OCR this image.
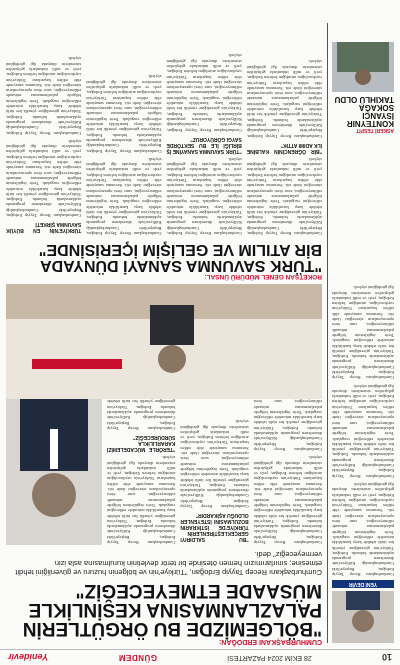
10
28 EKİM 2024 PAZARTESİ
GÜNDEM
Yenidevir
YENİ DEVİR

Cumhurbaşkanı Recep Tayyip Erdoğan, Beştepe'deki Cumhurbaşkanlığı Külliyesi'nde düzenlenen programda açıklamalarda bulundu. Erdoğan, Türkiye'nin güvenliğine yönelik her türlü tehdide karşı kararlılıkla mücadele edileceğini vurguladı. Terör örgütlerinin bölgede palazlanmasına müsaade edilmeyeceğini, sınır ötesi operasyonların süreceğini ifade etti. Savunma sanayinde elde edilen başarıların Türkiye'nin caydırıcılığını artırdığını belirten Erdoğan, yerli ve milli imkanlarla geliştirilen sistemlerin dünyada ilgi gördüğünü söyledi.

Cumhurbaşkanı Recep Tayyip Erdoğan, Beştepe'deki Cumhurbaşkanlığı Külliyesi'nde düzenlenen programda açıklamalarda bulundu. Erdoğan, Türkiye'nin güvenliğine yönelik her türlü tehdide karşı kararlılıkla mücadele edileceğini vurguladı. Terör örgütlerinin bölgede palazlanmasına müsaade edilmeyeceğini, sınır ötesi operasyonların süreceğini ifade etti. Savunma sanayinde elde edilen başarıların Türkiye'nin caydırıcılığını artırdığını belirten Erdoğan, yerli ve milli imkanlarla geliştirilen sistemlerin dünyada ilgi gördüğünü söyledi.

Cumhurbaşkanı Recep Tayyip Erdoğan, Beştepe'deki Cumhurbaşkanlığı Külliyesi'nde düzenlenen programda açıklamalarda bulundu. Erdoğan, Türkiye'nin güvenliğine yönelik her türlü tehdide karşı kararlılıkla mücadele edileceğini vurguladı. Terör örgütlerinin bölgede palazlanmasına müsaade edilmeyeceğini, sınır ötesi operasyonların süreceğini ifade etti. Savunma sanayinde elde edilen başarıların Türkiye'nin caydırıcılığını artırdığını belirten Erdoğan, yerli ve milli imkanlarla geliştirilen sistemlerin dünyada ilgi gördüğünü söyledi.

ASKERİ TESPİT
KONTEYNIR İSYANCI SOKAĞA TAKIHLÜ OLDU
CUMHURBAŞKANI ERDOĞAN:
"BÖLGEMİZDE BU ÖRGÜTLERİN
PALAZLANMASINA KESİNLİKLE
MÜSAADE ETMEYECEĞİZ"
Cumhurbaşkanı Recep Tayyip Erdoğan, "Türkiye'nin ve bölgenin huzuru ve güvenliğini tehdit etmesine; sınırlarımızın hemen ötesinde bir terör devletinin kurulmasına asla izin vermeyeceğiz" dedi.

Cumhurbaşkanı Recep Tayyip Erdoğan, Beştepe'deki Cumhurbaşkanlığı Külliyesi'nde düzenlenen programda açıklamalarda bulundu. Erdoğan, Türkiye'nin güvenliğine yönelik her türlü tehdide karşı kararlılıkla mücadele edileceğini vurguladı. Terör örgütlerinin bölgede palazlanmasına müsaade edilmeyeceğini, sınır ötesi operasyonların süreceğini ifade etti. Savunma sanayinde elde edilen başarıların Türkiye'nin caydırıcılığını artırdığını belirten Erdoğan, yerli ve milli imkanlarla geliştirilen sistemlerin dünyada ilgi gördüğünü söyledi.

Cumhurbaşkanı Recep Tayyip Erdoğan, Beştepe'deki Cumhurbaşkanlığı Külliyesi'nde düzenlenen programda açıklamalarda bulundu. Erdoğan, Türkiye'nin güvenliğine yönelik her türlü tehdide karşı kararlılıkla mücadele edileceğini vurguladı. Terör örgütlerinin bölgede palazlanmasına müsaade edilmeyeceğini, sınır ötesi

"BU SALDIRIYI GERÇEKLEŞTİRENLERİN TÜRKİYE'DE İSTİKRARIN BOZULMASINI İSTEYENLER OLDUĞU AŞİKARDIR"

Cumhurbaşkanı Recep Tayyip Erdoğan, Beştepe'deki Cumhurbaşkanlığı Külliyesi'nde düzenlenen programda açıklamalarda bulundu. Erdoğan, Türkiye'nin güvenliğine yönelik her türlü tehdide karşı kararlılıkla mücadele edileceğini vurguladı. Terör örgütlerinin bölgede palazlanmasına müsaade edilmeyeceğini, sınır ötesi operasyonların süreceğini ifade etti. Savunma sanayinde elde edilen başarıların Türkiye'nin caydırıcılığını artırdığını belirten Erdoğan, yerli ve milli imkanlarla geliştirilen sistemlerin dünyada ilgi gördüğünü söyledi.

Cumhurbaşkanı Recep Tayyip Erdoğan, Beştepe'deki Cumhurbaşkanlığı Külliyesi'nde düzenlenen programda açıklamalarda bulundu. Erdoğan, Türkiye'nin güvenliğine yönelik her türlü tehdide karşı kararlılıkla mücadele edileceğini vurguladı. Terör örgütlerinin bölgede palazlanmasına müsaade edilmeyeceğini, sınır ötesi operasyonların süreceğini ifade etti. Savunma sanayinde elde edilen başarıların Türkiye'nin caydırıcılığını artırdığını belirten Erdoğan, yerli ve milli imkanlarla geliştirilen sistemlerin dünyada ilgi gördüğünü söyledi.

"TERÖRLE MÜCADELEMİZİ KARARLILIKLA SÜRDÜRECEĞİZ"

Cumhurbaşkanı Recep Tayyip Erdoğan, Beştepe'deki Cumhurbaşkanlığı Külliyesi'nde düzenlenen programda açıklamalarda bulundu. Erdoğan, Türkiye'nin güvenliğine yönelik her türlü tehdide

ROKETSAN GENEL MÜDÜRÜ ÜNSAL:
"TÜRK SAVUNMA SANAYİ DÜNYADA
BİR ATILIM VE GELİŞİM İÇERİSİNDE"

Cumhurbaşkanı Recep Tayyip Erdoğan, Beştepe'deki Cumhurbaşkanlığı Külliyesi'nde düzenlenen programda açıklamalarda bulundu. Erdoğan, Türkiye'nin güvenliğine yönelik her türlü tehdide karşı kararlılıkla mücadele edileceğini vurguladı. Terör örgütlerinin bölgede palazlanmasına müsaade edilmeyeceğini, sınır ötesi operasyonların süreceğini ifade etti. Savunma sanayinde elde edilen başarıların Türkiye'nin caydırıcılığını artırdığını belirten Erdoğan, yerli ve milli imkanlarla geliştirilen sistemlerin dünyada ilgi gördüğünü söyledi.

"BİR ÖĞRENCİNİN KALBİNE İLK ADIMI ATTIK"

Cumhurbaşkanı Recep Tayyip Erdoğan, Beştepe'deki Cumhurbaşkanlığı Külliyesi'nde düzenlenen programda açıklamalarda bulundu. Erdoğan, Türkiye'nin güvenliğine yönelik her türlü tehdide karşı kararlılıkla mücadele edileceğini vurguladı. Terör örgütlerinin bölgede palazlanmasına müsaade edilmeyeceğini, sınır ötesi operasyonların süreceğini ifade etti. Savunma sanayinde elde edilen başarıların Türkiye'nin caydırıcılığını artırdığını belirten Erdoğan, yerli ve milli imkanlarla geliştirilen sistemlerin dünyada ilgi gördüğünü söyledi.

Cumhurbaşkanı Recep Tayyip Erdoğan, Beştepe'deki Cumhurbaşkanlığı Külliyesi'nde düzenlenen programda açıklamalarda bulundu. Erdoğan, Türkiye'nin güvenliğine yönelik her türlü tehdide karşı kararlılıkla mücadele edileceğini vurguladı. Terör örgütlerinin bölgede palazlanmasına müsaade edilmeyeceğini, sınır ötesi operasyonların süreceğini ifade etti. Savunma sanayinde elde edilen başarıların Türkiye'nin caydırıcılığını artırdığını belirten Erdoğan, yerli ve milli imkanlarla geliştirilen sistemlerin dünyada ilgi gördüğünü söyledi.

"TÜRK SAVUNMA SANAYİNE İŞ BİRLİĞİ İLE BU SEKTÖRDE SAYGI GÖRÜYORUZ"

Cumhurbaşkanı Recep Tayyip Erdoğan, Beştepe'deki Cumhurbaşkanlığı Külliyesi'nde düzenlenen programda açıklamalarda bulundu. Erdoğan, Türkiye'nin güvenliğine yönelik her türlü tehdide karşı kararlılıkla mücadele edileceğini vurguladı. Terör örgütlerinin bölgede palazlanmasına müsaade edilmeyeceğini, sınır ötesi operasyonların süreceğini ifade etti. Savunma sanayinde elde edilen başarıların Türkiye'nin caydırıcılığını artırdığını belirten Erdoğan, yerli ve milli imkanlarla geliştirilen sistemlerin dünyada ilgi gördüğünü söyledi.

Cumhurbaşkanı Recep Tayyip Erdoğan, Beştepe'deki Cumhurbaşkanlığı Külliyesi'nde düzenlenen programda açıklamalarda bulundu. Erdoğan, Türkiye'nin güvenliğine yönelik her türlü tehdide karşı kararlılıkla mücadele edileceğini vurguladı. Terör örgütlerinin bölgede palazlanmasına müsaade edilmeyeceğini, sınır ötesi operasyonların süreceğini ifade etti. Savunma sanayinde elde edilen başarıların Türkiye'nin caydırıcılığını artırdığını belirten Erdoğan, yerli ve milli imkanlarla geliştirilen sistemlerin dünyada ilgi gördüğünü söyledi.

Cumhurbaşkanı Recep Tayyip Erdoğan, Beştepe'deki Cumhurbaşkanlığı Külliyesi'nde düzenlenen programda açıklamalarda bulundu. Erdoğan, Türkiye'nin güvenliğine yönelik her türlü tehdide karşı kararlılıkla mücadele edileceğini vurguladı. Terör örgütlerinin bölgede palazlanmasına müsaade edilmeyeceğini, sınır ötesi operasyonların süreceğini ifade etti. Savunma sanayinde elde edilen başarıların Türkiye'nin caydırıcılığını artırdığını belirten Erdoğan, yerli ve milli imkanlarla geliştirilen sistemlerin dünyada ilgi gördüğünü söyledi.

TÜRKİYE'NİN EN BÜYÜK SAVUNMA ŞİRKETİ

Cumhurbaşkanı Recep Tayyip Erdoğan, Beştepe'deki Cumhurbaşkanlığı Külliyesi'nde düzenlenen programda açıklamalarda bulundu. Erdoğan, Türkiye'nin güvenliğine yönelik her türlü tehdide karşı kararlılıkla mücadele edileceğini vurguladı. Terör örgütlerinin bölgede palazlanmasına müsaade edilmeyeceğini, sınır ötesi operasyonların süreceğini ifade etti. Savunma sanayinde elde edilen başarıların Türkiye'nin caydırıcılığını artırdığını belirten Erdoğan, yerli ve milli imkanlarla geliştirilen sistemlerin dünyada ilgi gördüğünü söyledi.

Cumhurbaşkanı Recep Tayyip Erdoğan, Beştepe'deki Cumhurbaşkanlığı Külliyesi'nde düzenlenen programda açıklamalarda bulundu. Erdoğan, Türkiye'nin güvenliğine yönelik her türlü tehdide karşı kararlılıkla mücadele edileceğini vurguladı. Terör örgütlerinin bölgede palazlanmasına müsaade edilmeyeceğini, sınır ötesi operasyonların süreceğini ifade etti. Savunma sanayinde elde edilen başarıların Türkiye'nin caydırıcılığını artırdığını belirten Erdoğan, yerli ve milli imkanlarla geliştirilen sistemlerin dünyada ilgi gördüğünü söyledi.
